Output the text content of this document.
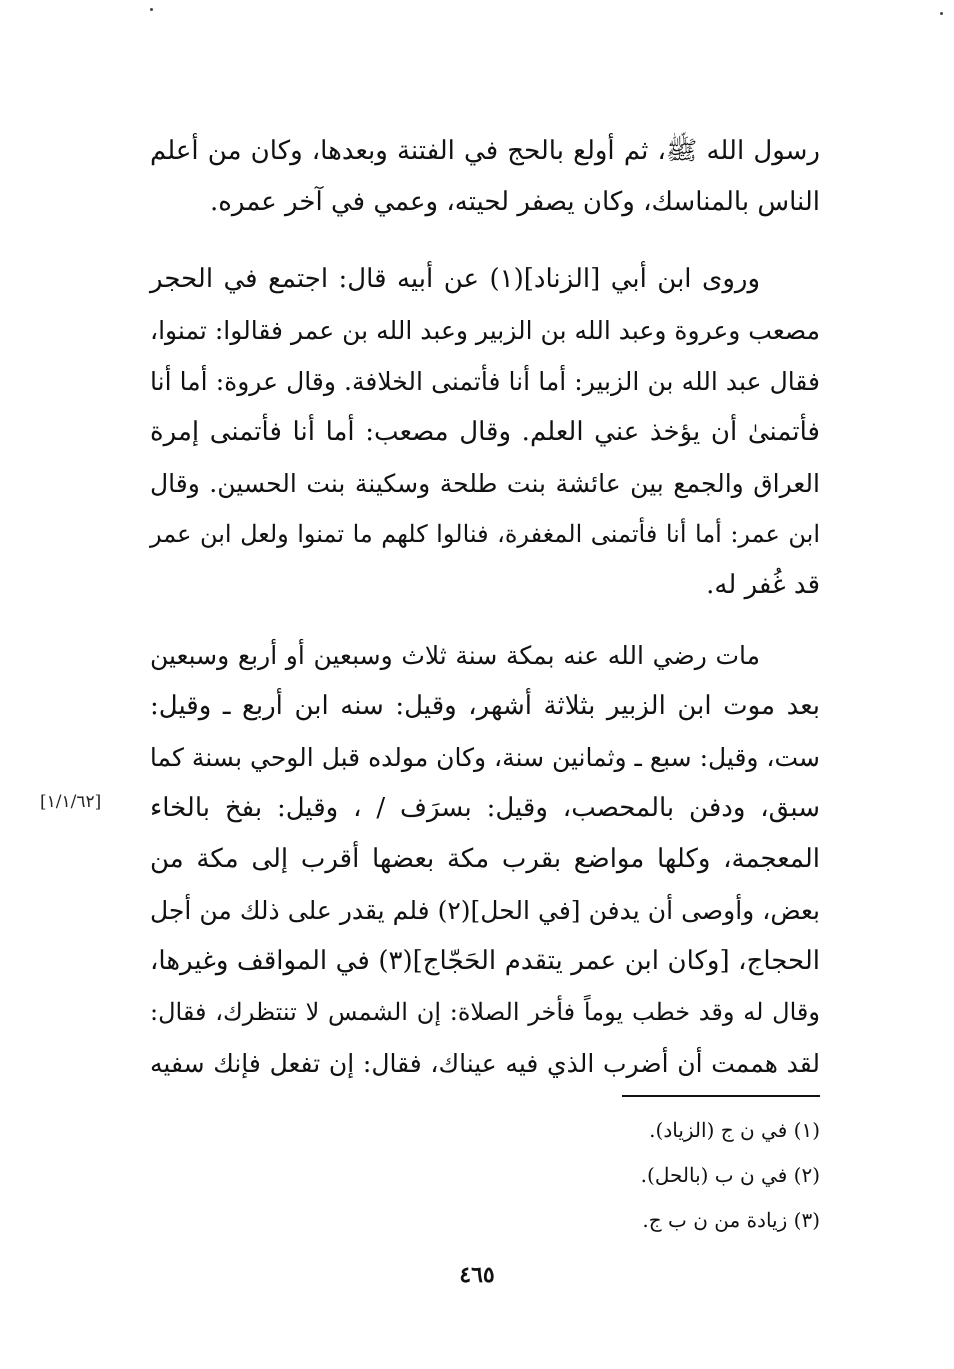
رسول الله ﷺ، ثم أولع بالحج في الفتنة وبعدها، وكان من أعلم
الناس بالمناسك، وكان يصفر لحيته، وعمي في آخر عمره.
وروى ابن أبي [الزناد](١) عن أبيه قال: اجتمع في الحجر
مصعب وعروة وعبد الله بن الزبير وعبد الله بن عمر فقالوا: تمنوا،
فقال عبد الله بن الزبير: أما أنا فأتمنى الخلافة. وقال عروة: أما أنا
فأتمنىٰ أن يؤخذ عني العلم. وقال مصعب: أما أنا فأتمنى إمرة
العراق والجمع بين عائشة بنت طلحة وسكينة بنت الحسين. وقال
ابن عمر: أما أنا فأتمنى المغفرة، فنالوا كلهم ما تمنوا ولعل ابن عمر
قد غُفر له.
مات رضي الله عنه بمكة سنة ثلاث وسبعين أو أربع وسبعين
بعد موت ابن الزبير بثلاثة أشهر، وقيل: سنه ابن أربع ـ وقيل:
ست، وقيل: سبع ـ وثمانين سنة، وكان مولده قبل الوحي بسنة كما
سبق، ودفن بالمحصب، وقيل: بسرَف / ، وقيل: بفخ بالخاء
المعجمة، وكلها مواضع بقرب مكة بعضها أقرب إلى مكة من
بعض، وأوصى أن يدفن [في الحل](٢) فلم يقدر على ذلك من أجل
الحجاج، [وكان ابن عمر يتقدم الحَجّاج](٣) في المواقف وغيرها،
وقال له وقد خطب يوماً فأخر الصلاة: إن الشمس لا تنتظرك، فقال:
لقد هممت أن أضرب الذي فيه عيناك، فقال: إن تفعل فإنك سفيه
[١/١/٦٢]
(١) في ن ج (الزياد).
(٢) في ن ب (بالحل).
(٣) زيادة من ن ب ج.
٤٦٥
